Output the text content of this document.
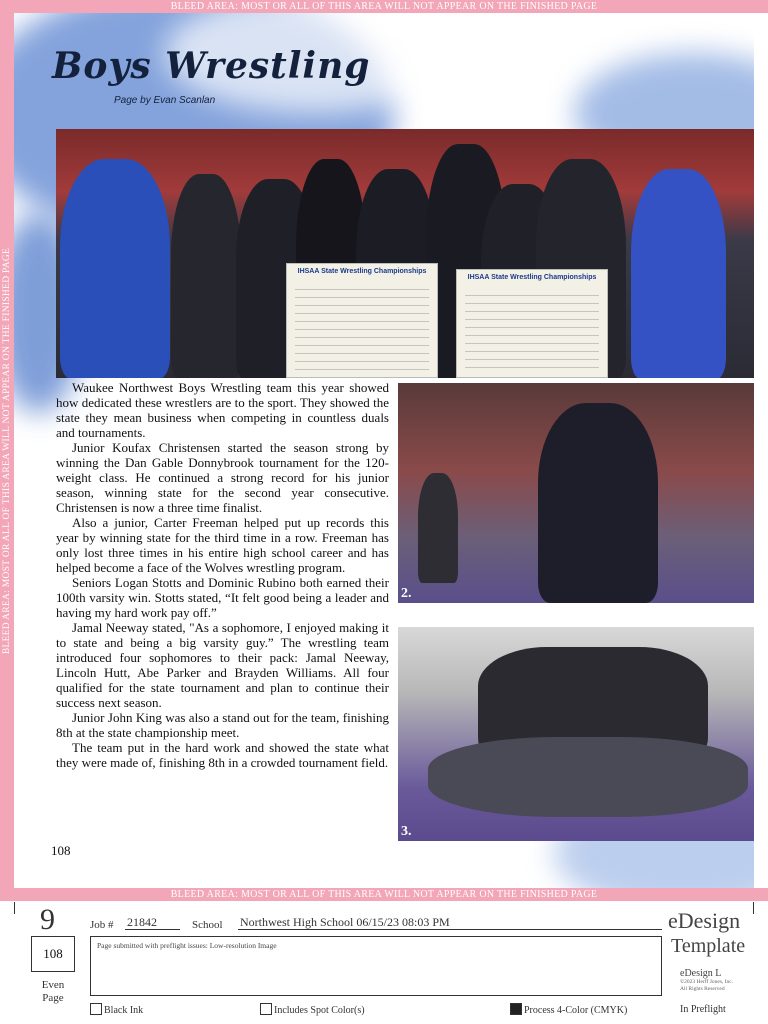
BLEED AREA: MOST OR ALL OF THIS AREA WILL NOT APPEAR ON THE FINISHED PAGE
BLEED AREA: MOST OR ALL OF THIS AREA WILL NOT APPEAR ON THE FINISHED PAGE
Boys Wrestling
Page by Evan Scanlan
IHSAA State Wrestling Championships
IHSAA State Wrestling Championships
2.
3.

Waukee Northwest Boys Wrestling team this year showed how dedicated these wrestlers are to the sport. They showed the state they mean business when competing in countless duals and tournaments.

Junior Koufax Christensen started the season strong by winning the Dan Gable Donnybrook tournament for the 120-weight class. He continued a strong record for his junior season, winning state for the second year consecutive. Christensen is now a three time finalist.

Also a junior, Carter Freeman helped put up records this year by winning state for the third time in a row. Freeman has only lost three times in his entire high school career and has helped become a face of the Wolves wrestling program.

Seniors Logan Stotts and Dominic Rubino both earned their 100th varsity win. Stotts stated, “It felt good being a leader and having my hard work pay off.”

Jamal Neeway stated, "As a sophomore, I enjoyed making it to state and being a big varsity guy.” The wrestling team introduced four sophomores to their pack: Jamal Neeway, Lincoln Hutt, Abe Parker and Brayden Williams. All four qualified for the state tournament and plan to continue their success next season.

Junior John King was also a stand out for the team, finishing 8th at the state championship meet.

The team put in the hard work and showed the state what they were made of, finishing 8th in a crowded tournament field.

108
BLEED AREA: MOST OR ALL OF THIS AREA WILL NOT APPEAR ON THE FINISHED PAGE
9
108
Even Page
Job # 21842	School Northwest High School 06/15/23 08:03 PM
Page submitted with preflight issues: Low-resolution Image
eDesign
Template
eDesign L
©2023 Herff Jones, Inc.
All Rights Reserved
Black Ink	Includes Spot Color(s)	Process 4-Color (CMYK)	In Preflight
